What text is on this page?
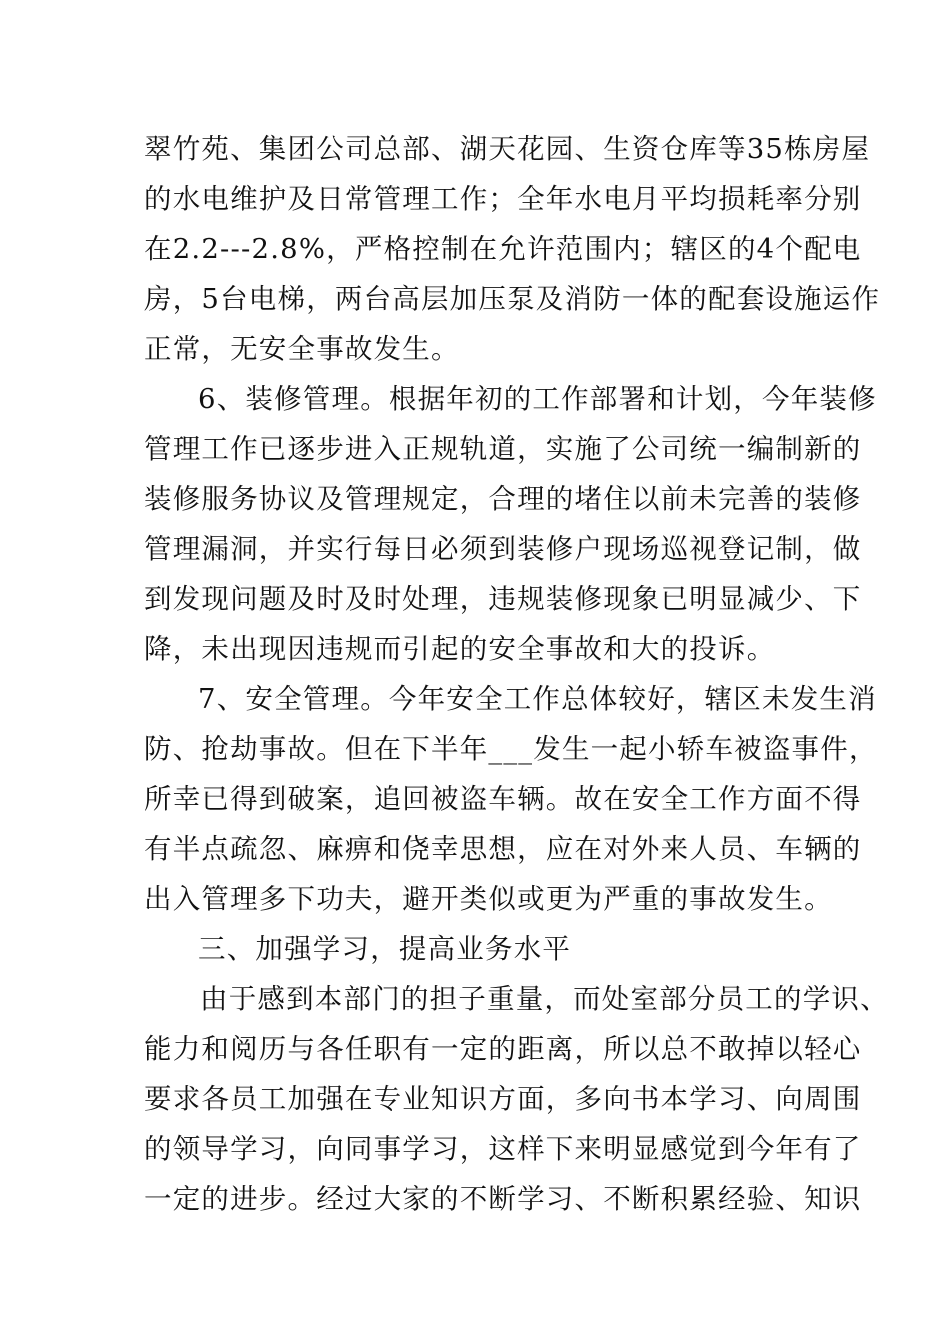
翠竹苑、集团公司总部、湖天花园、生资仓库等35栋房屋
的水电维护及日常管理工作；全年水电月平均损耗率分别
在2.2---2.8%，严格控制在允许范围内；辖区的4个配电
房，5台电梯，两台高层加压泵及消防一体的配套设施运作
正常，无安全事故发生。
6、装修管理。根据年初的工作部署和计划，今年装修
管理工作已逐步进入正规轨道，实施了公司统一编制新的
装修服务协议及管理规定，合理的堵住以前未完善的装修
管理漏洞，并实行每日必须到装修户现场巡视登记制，做
到发现问题及时及时处理，违规装修现象已明显减少、下
降，未出现因违规而引起的安全事故和大的投诉。
7、安全管理。今年安全工作总体较好，辖区未发生消
防、抢劫事故。但在下半年___发生一起小轿车被盗事件，
所幸已得到破案，追回被盗车辆。故在安全工作方面不得
有半点疏忽、麻痹和侥幸思想，应在对外来人员、车辆的
出入管理多下功夫，避开类似或更为严重的事故发生。
三、加强学习，提高业务水平
由于感到本部门的担子重量，而处室部分员工的学识、
能力和阅历与各任职有一定的距离，所以总不敢掉以轻心
要求各员工加强在专业知识方面，多向书本学习、向周围
的领导学习，向同事学习，这样下来明显感觉到今年有了
一定的进步。经过大家的不断学习、不断积累经验、知识
